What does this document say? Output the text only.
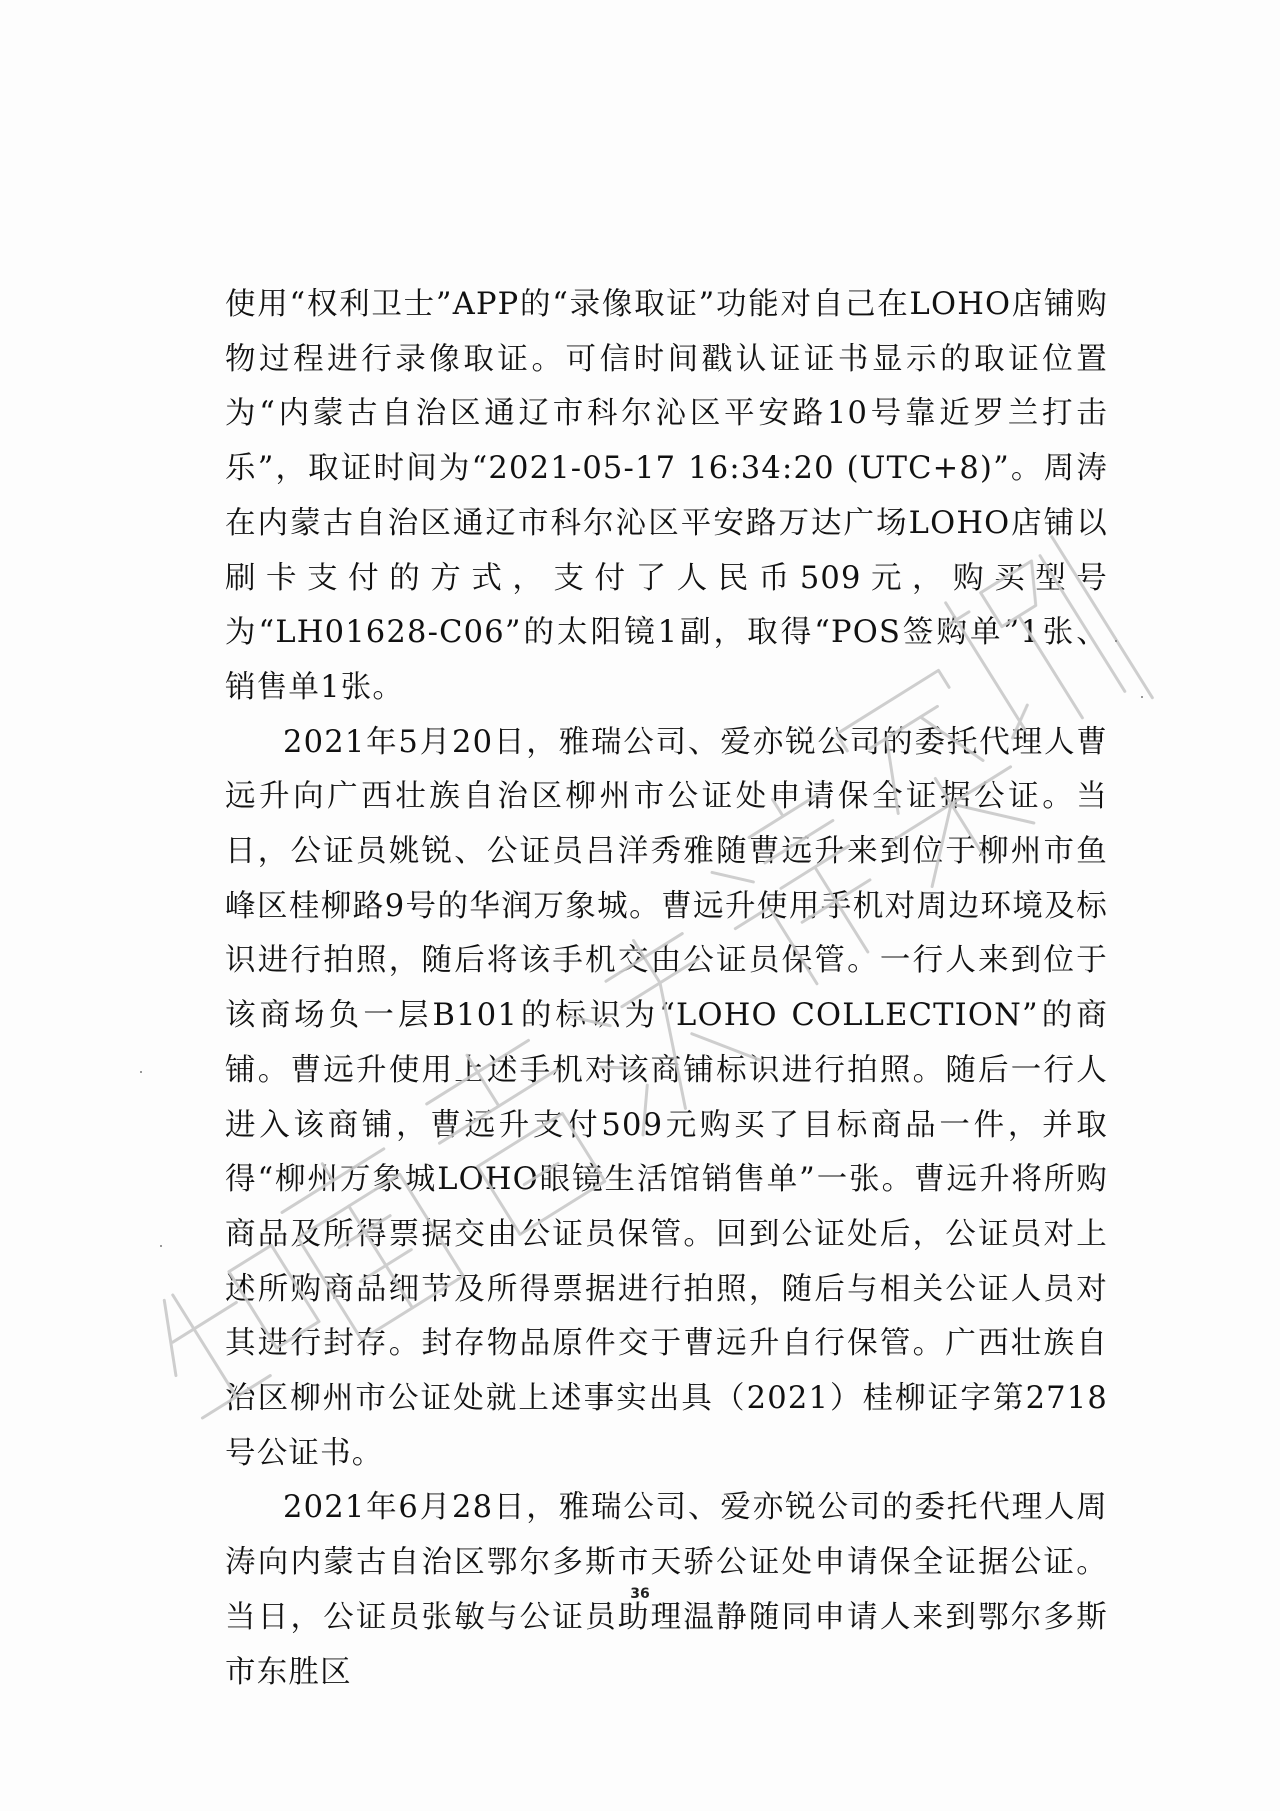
使用“权利卫士”APP的“录像取证”功能对自己在LOHO店铺购物过程进行录像取证。可信时间戳认证证书显示的取证位置为“内蒙古自治区通辽市科尔沁区平安路10号靠近罗兰打击乐”，取证时间为“2021-05-17 16:34:20 (UTC+8)”。周涛在内蒙古自治区通辽市科尔沁区平安路万达广场LOHO店铺以刷卡支付的方式，支付了人民币509元，购买型号为“LH01628-C06”的太阳镜1副，取得“POS签购单”1张、销售单1张。

2021年5月20日，雅瑞公司、爱亦锐公司的委托代理人曹远升向广西壮族自治区柳州市公证处申请保全证据公证。当日，公证员姚锐、公证员吕洋秀雅随曹远升来到位于柳州市鱼峰区桂柳路9号的华润万象城。曹远升使用手机对周边环境及标识进行拍照，随后将该手机交由公证员保管。一行人来到位于该商场负一层B101的标识为“LOHO COLLECTION”的商铺。曹远升使用上述手机对该商铺标识进行拍照。随后一行人进入该商铺，曹远升支付509元购买了目标商品一件，并取得“柳州万象城LOHO眼镜生活馆销售单”一张。曹远升将所购商品及所得票据交由公证员保管。回到公证处后，公证员对上述所购商品细节及所得票据进行拍照，随后与相关公证人员对其进行封存。封存物品原件交于曹远升自行保管。广西壮族自治区柳州市公证处就上述事实出具（2021）桂柳证字第2718号公证书。

2021年6月28日，雅瑞公司、爱亦锐公司的委托代理人周涛向内蒙古自治区鄂尔多斯市天骄公证处申请保全证据公证。当日，公证员张敏与公证员助理温静随同申请人来到鄂尔多斯市东胜区

36
